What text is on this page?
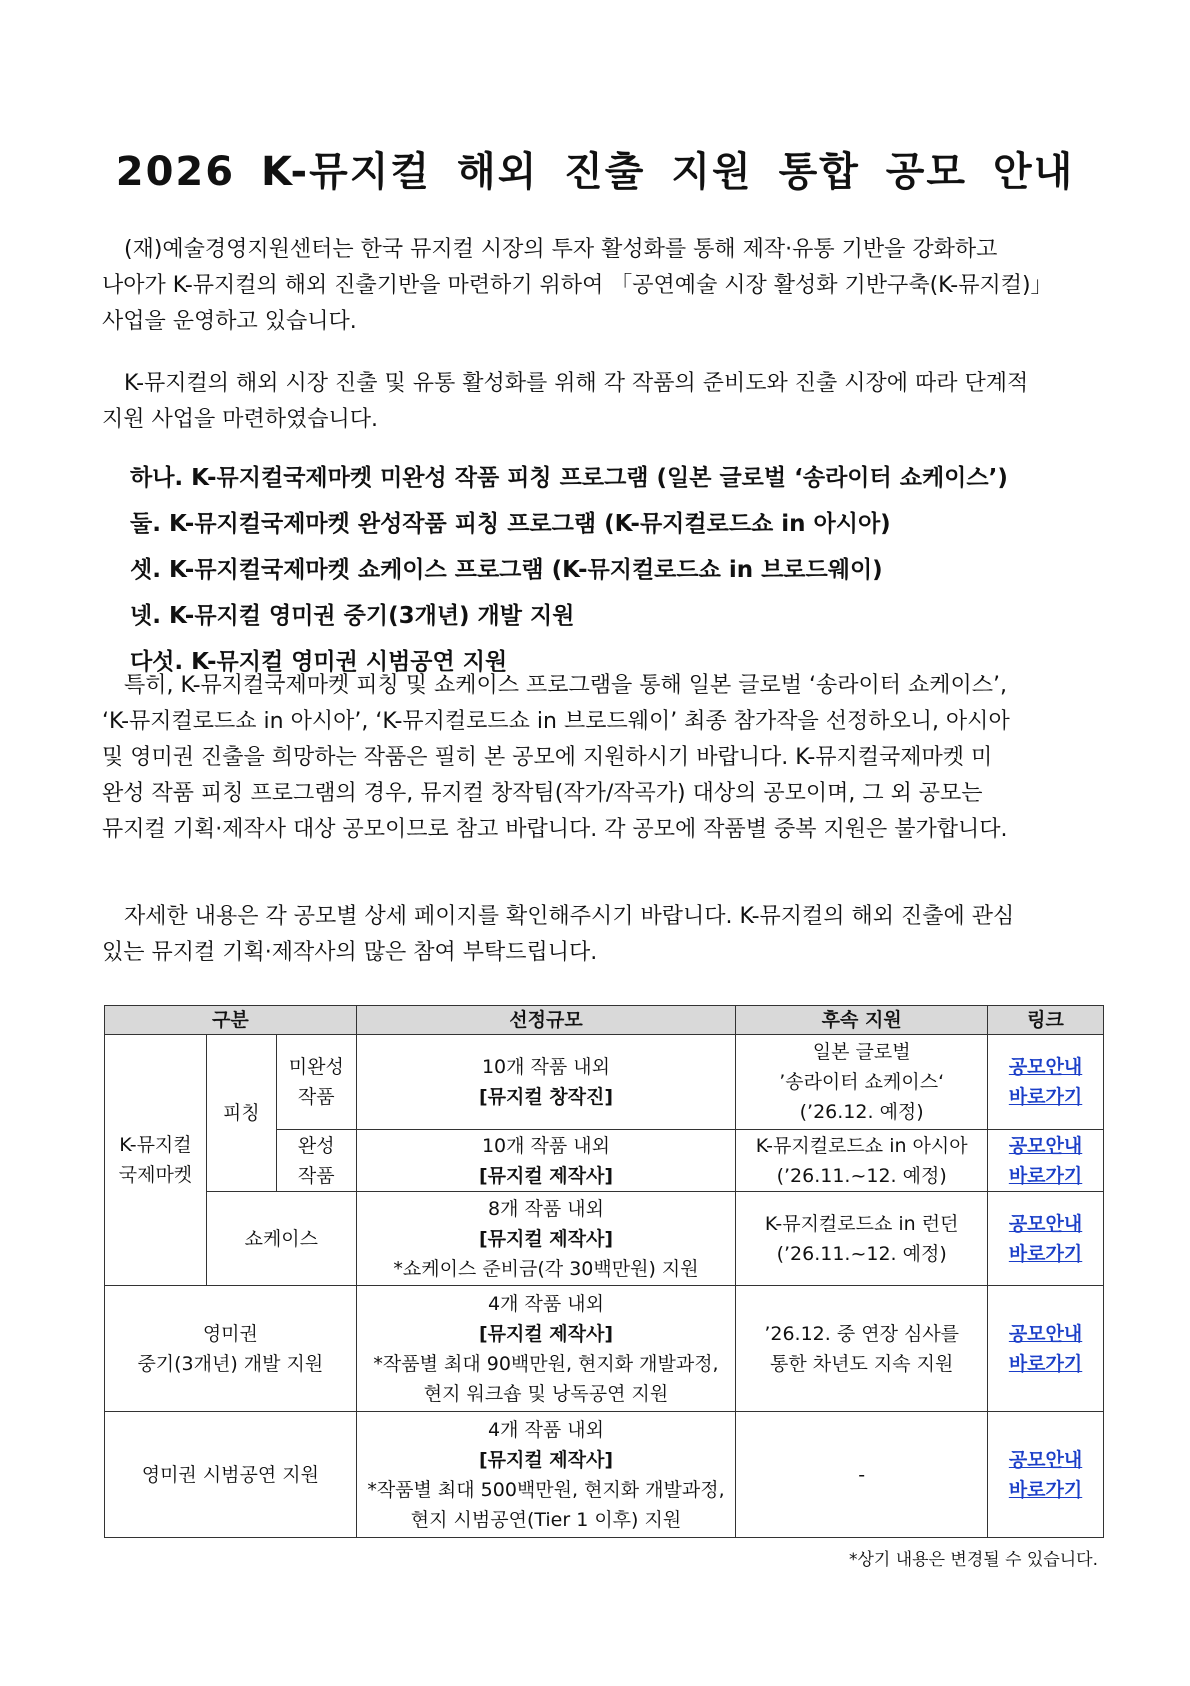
2026 K-뮤지컬 해외 진출 지원 통합 공모 안내

(재)예술경영지원센터는 한국 뮤지컬 시장의 투자 활성화를 통해 제작·유통 기반을 강화하고
나아가 K-뮤지컬의 해외 진출기반을 마련하기 위하여 「공연예술 시장 활성화 기반구축(K-뮤지컬)」
사업을 운영하고 있습니다.

K-뮤지컬의 해외 시장 진출 및 유통 활성화를 위해 각 작품의 준비도와 진출 시장에 따라 단계적
지원 사업을 마련하였습니다.

하나. K-뮤지컬국제마켓 미완성 작품 피칭 프로그램 (일본 글로벌 ‘송라이터 쇼케이스’)
둘. K-뮤지컬국제마켓 완성작품 피칭 프로그램 (K-뮤지컬로드쇼 in 아시아)
셋. K-뮤지컬국제마켓 쇼케이스 프로그램 (K-뮤지컬로드쇼 in 브로드웨이)
넷. K-뮤지컬 영미권 중기(3개년) 개발 지원
다섯. K-뮤지컬 영미권 시범공연 지원

특히, K-뮤지컬국제마켓 피칭 및 쇼케이스 프로그램을 통해 일본 글로벌 ‘송라이터 쇼케이스’,
‘K-뮤지컬로드쇼 in 아시아’, ‘K-뮤지컬로드쇼 in 브로드웨이’ 최종 참가작을 선정하오니, 아시아
및 영미권 진출을 희망하는 작품은 필히 본 공모에 지원하시기 바랍니다. K-뮤지컬국제마켓 미
완성 작품 피칭 프로그램의 경우, 뮤지컬 창작팀(작가/작곡가) 대상의 공모이며, 그 외 공모는
뮤지컬 기획·제작사 대상 공모이므로 참고 바랍니다. 각 공모에 작품별 중복 지원은 불가합니다.

자세한 내용은 각 공모별 상세 페이지를 확인해주시기 바랍니다. K-뮤지컬의 해외 진출에 관심
있는 뮤지컬 기획·제작사의 많은 참여 부탁드립니다.

구분			선정규모	후속 지원	링크

K-뮤지컬
국제마켓	피칭	미완성
작품	10개 작품 내외
[뮤지컬 창작진]	일본 글로벌
’송라이터 쇼케이스‘
(’26.12. 예정)	공모안내
바로가기

		완성
작품	10개 작품 내외
[뮤지컬 제작사]	K-뮤지컬로드쇼 in 아시아
(’26.11.~12. 예정)	공모안내
바로가기

	쇼케이스		8개 작품 내외
[뮤지컬 제작사]
*쇼케이스 준비금(각 30백만원) 지원	K-뮤지컬로드쇼 in 런던
(’26.11.~12. 예정)	공모안내
바로가기

영미권
중기(3개년) 개발 지원			4개 작품 내외
[뮤지컬 제작사]
*작품별 최대 90백만원, 현지화 개발과정,
현지 워크숍 및 낭독공연 지원	’26.12. 중 연장 심사를
통한 차년도 지속 지원	공모안내
바로가기

영미권 시범공연 지원			4개 작품 내외
[뮤지컬 제작사]
*작품별 최대 500백만원, 현지화 개발과정,
현지 시범공연(Tier 1 이후) 지원	-	공모안내
바로가기
*상기 내용은 변경될 수 있습니다.
